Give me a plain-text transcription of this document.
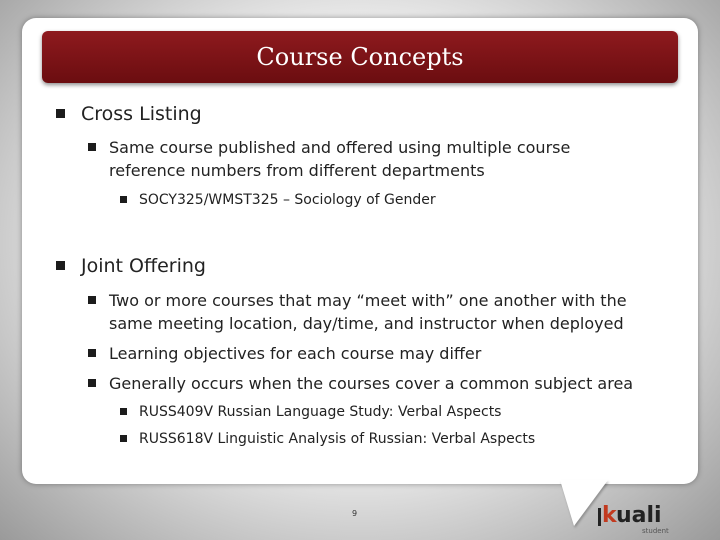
Course Concepts
Cross Listing
Same course published and offered using multiple course reference numbers from different departments
SOCY325/WMST325 – Sociology of Gender
Joint Offering
Two or more courses that may “meet with” one another with the same meeting location, day/time, and instructor when deployed
Learning objectives for each course may differ
Generally occurs when the courses cover a common subject area
RUSS409V Russian Language Study: Verbal Aspects
RUSS618V Linguistic Analysis of Russian: Verbal Aspects
9	k uali
student
